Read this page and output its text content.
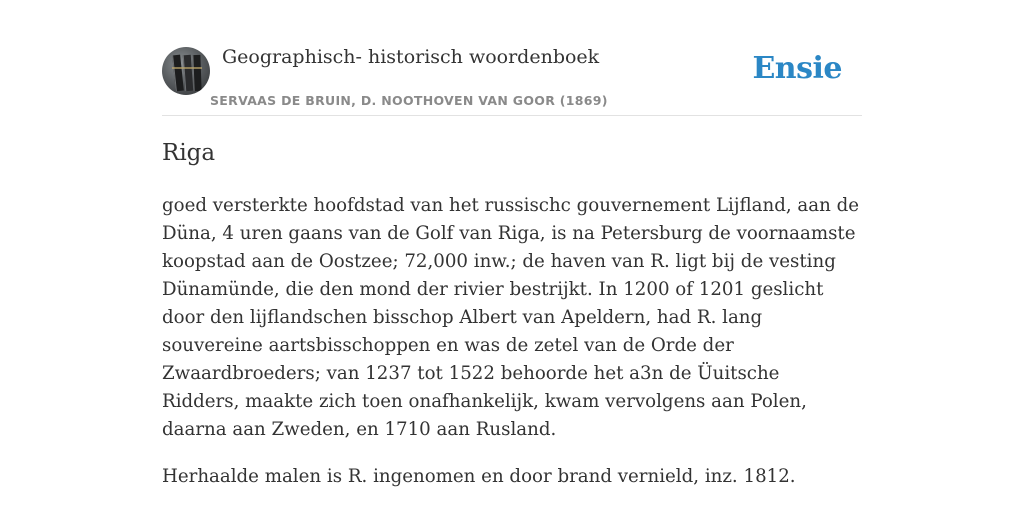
Geographisch- historisch woordenboek
SERVAAS DE BRUIN, D. NOOTHOVEN VAN GOOR (1869)
Ensie
Riga

goed versterkte hoofdstad van het russischc gouvernement Lijfland, aan de Düna, 4 uren gaans van de Golf van Riga, is na Petersburg de voornaamste koopstad aan de Oostzee; 72,000 inw.; de haven van R. ligt bij de vesting Dünamünde, die den mond der rivier bestrijkt. In 1200 of 1201 geslicht door den lijflandschen bisschop Albert van Apeldern, had R. lang souvereine aartsbisschoppen en was de zetel van de Orde der Zwaardbroeders; van 1237 tot 1522 behoorde het a3n de Üuitsche Ridders, maakte zich toen onafhankelijk, kwam vervolgens aan Polen, daarna aan Zweden, en 1710 aan Rusland.

Herhaalde malen is R. ingenomen en door brand vernield, inz. 1812.
